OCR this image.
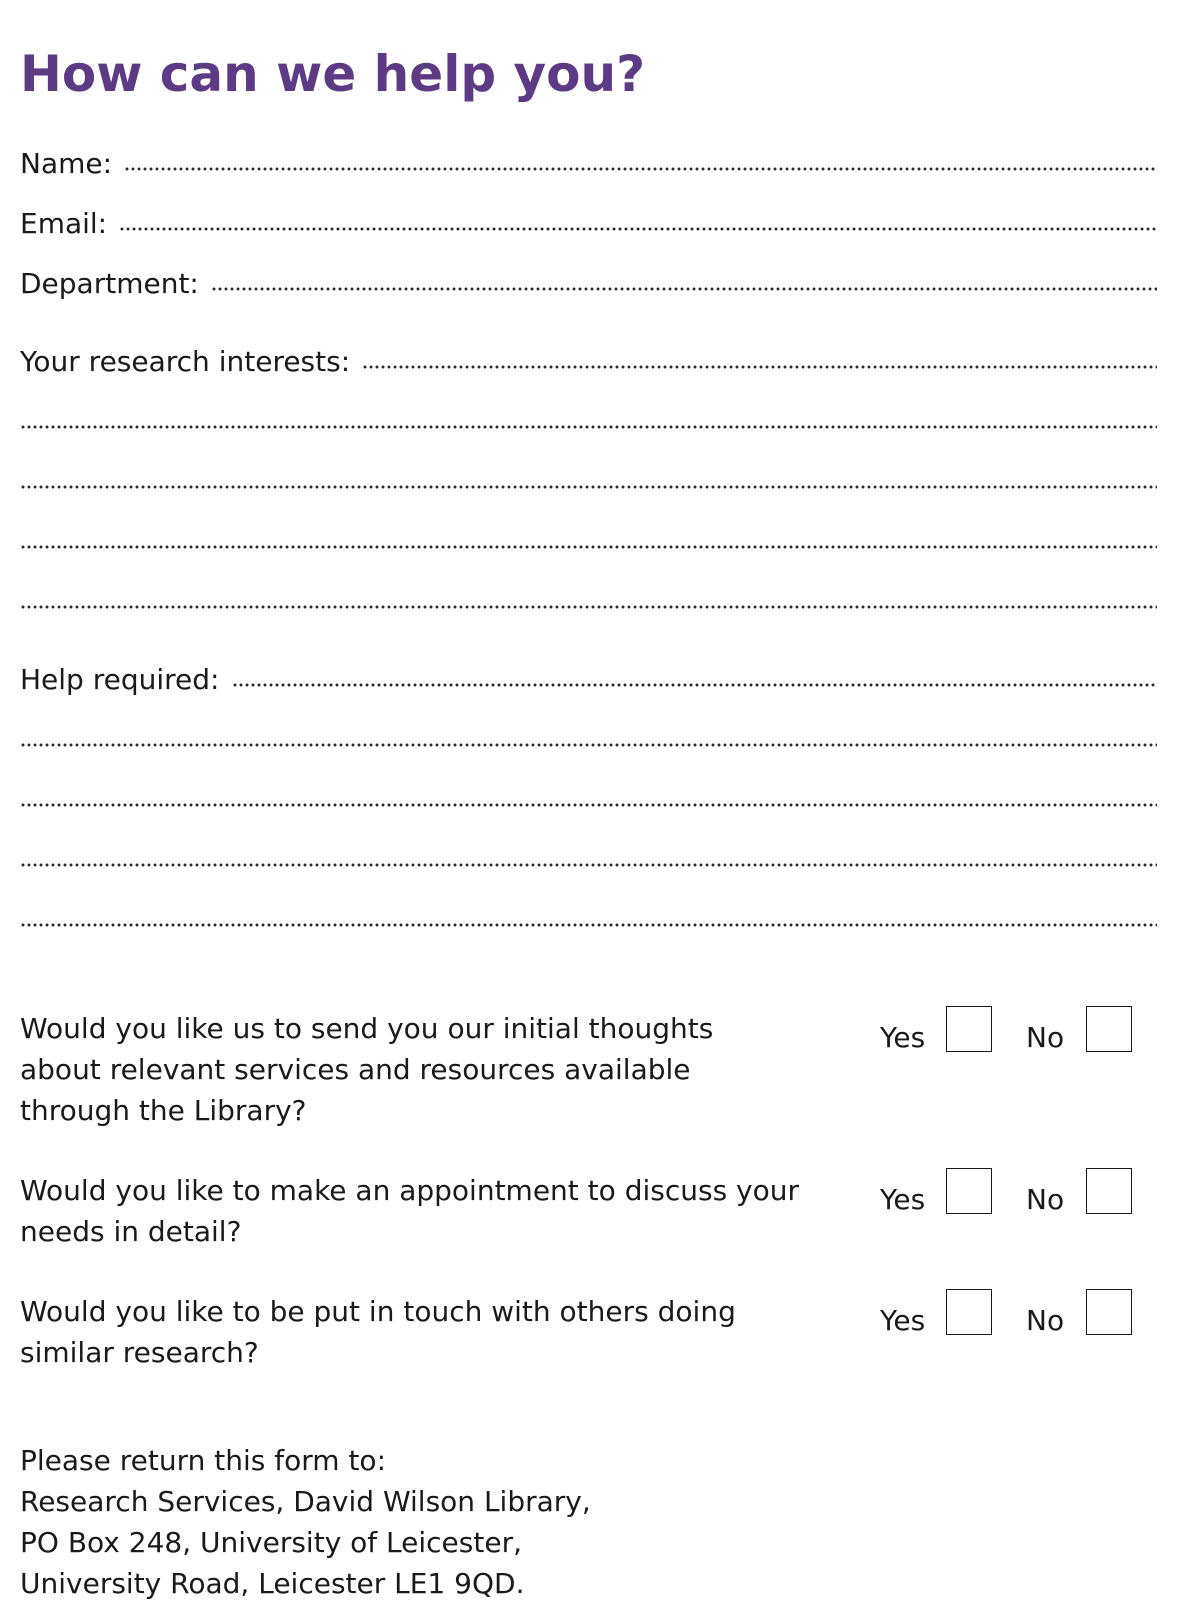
How can we help you?
Name:
Email:
Department:
Your research interests:
Help required:

Would you like us to send you our initial thoughts about relevant services and resources available through the Library?

Yes	No

Would you like to make an appointment to discuss your needs in detail?

Yes	No

Would you like to be put in touch with others doing similar research?

Yes	No
Please return this form to:
Research Services, David Wilson Library,
PO Box 248, University of Leicester,
University Road, Leicester LE1 9QD.
